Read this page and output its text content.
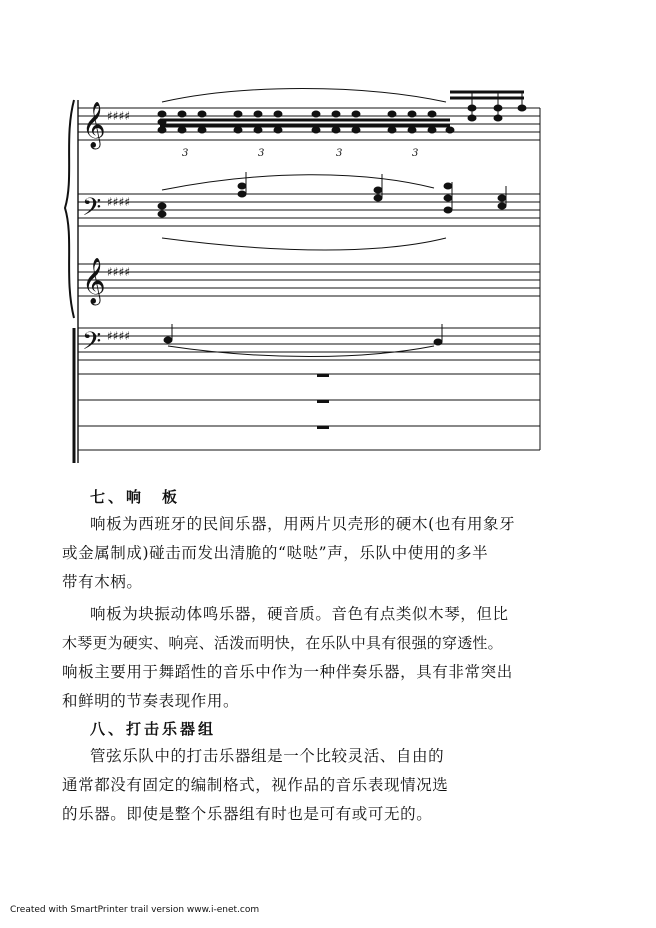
𝄞
𝄢
𝄞
𝄢
♯♯♯♯
♯♯♯♯
♯♯♯♯
♯♯♯♯
3	3	3	3
七、响　板
响板为西班牙的民间乐器，用两片贝壳形的硬木(也有用象牙
或金属制成)碰击而发出清脆的“哒哒”声，乐队中使用的多半
带有木柄。
响板为块振动体鸣乐器，硬音质。音色有点类似木琴，但比
木琴更为硬实、响亮、活泼而明快，在乐队中具有很强的穿透性。
响板主要用于舞蹈性的音乐中作为一种伴奏乐器，具有非常突出
和鲜明的节奏表现作用。
八、打击乐器组
管弦乐队中的打击乐器组是一个比较灵活、自由的
通常都没有固定的编制格式，视作品的音乐表现情况选
的乐器。即使是整个乐器组有时也是可有或可无的。
Created with SmartPrinter trail version www.i-enet.com
